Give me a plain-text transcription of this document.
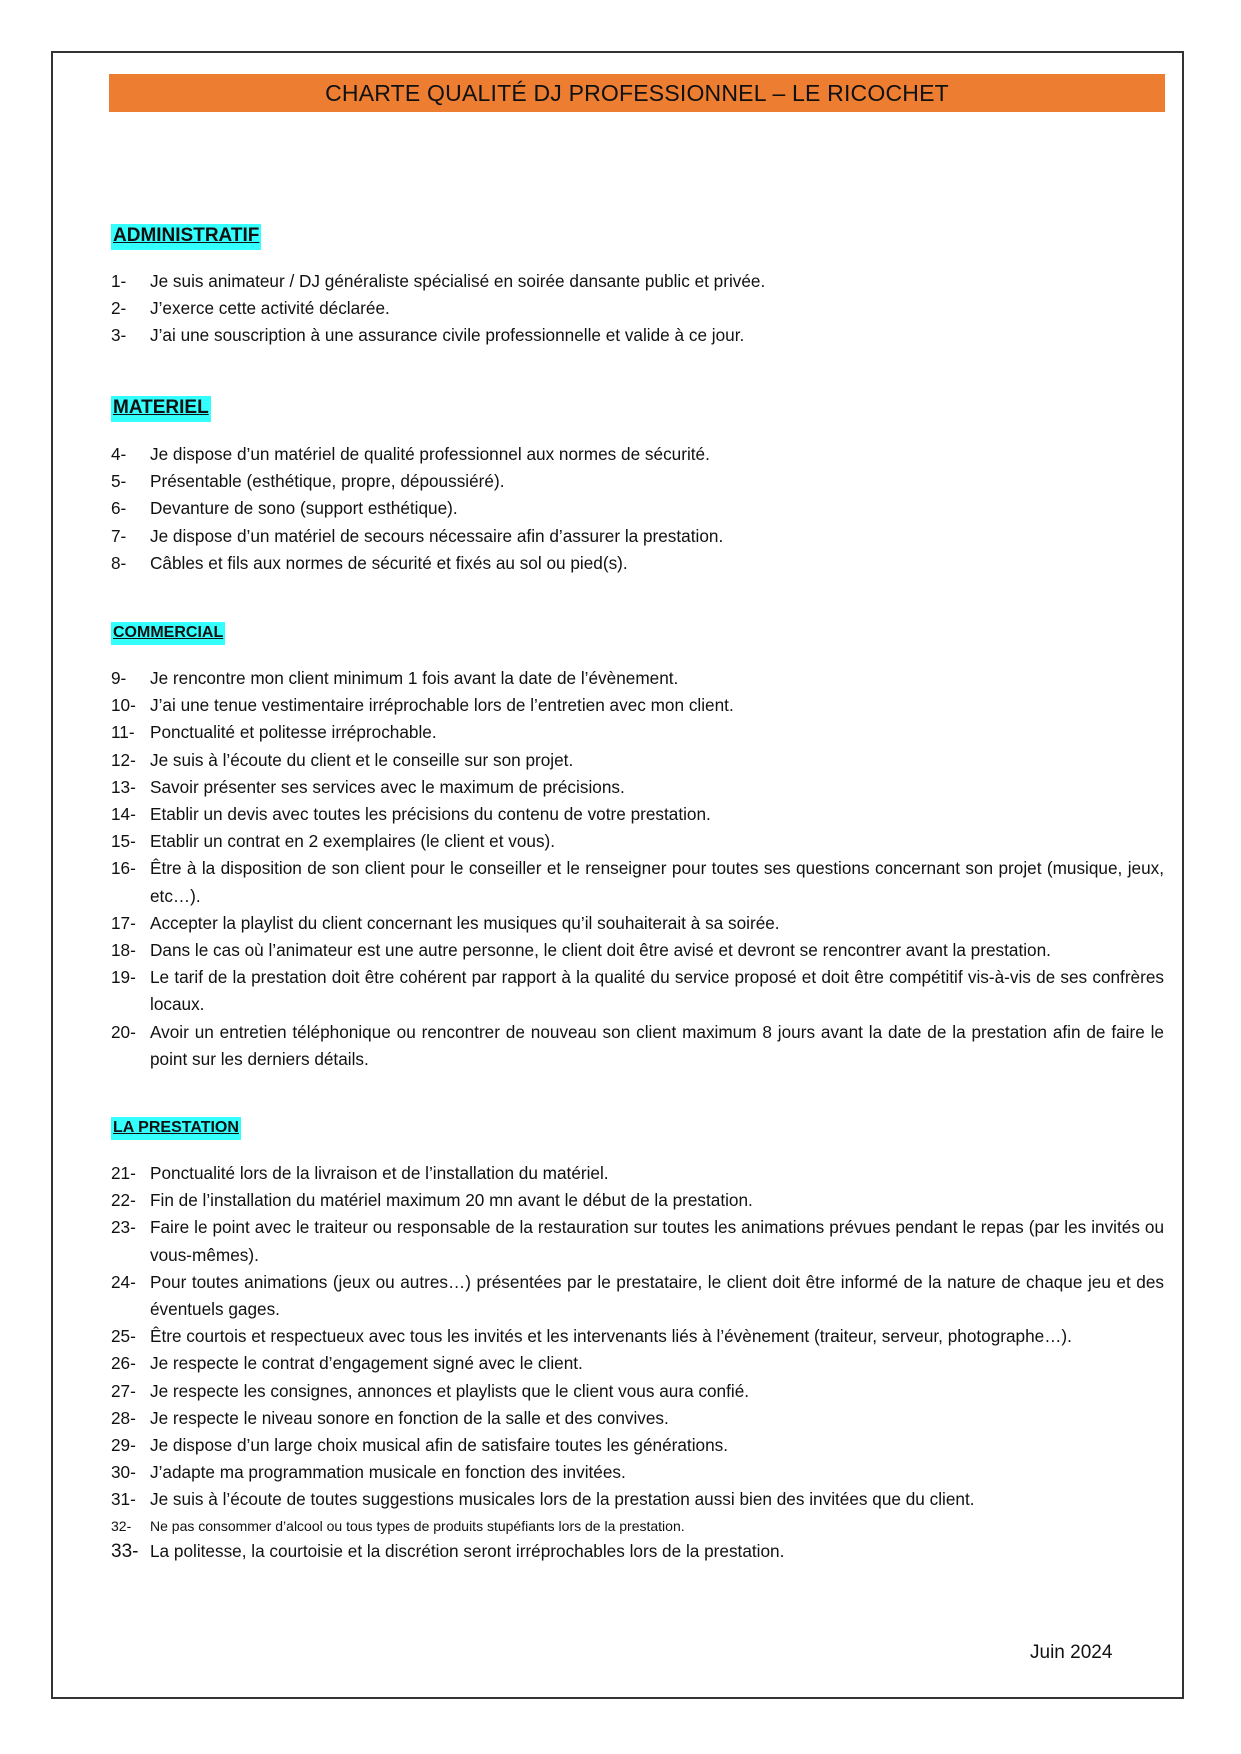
CHARTE QUALITÉ DJ PROFESSIONNEL – LE RICOCHET
ADMINISTRATIF
1- Je suis animateur / DJ généraliste spécialisé en soirée dansante public et privée.
2- J’exerce cette activité déclarée.
3- J’ai une souscription à une assurance civile professionnelle et valide à ce jour.
MATERIEL
4- Je dispose d’un matériel de qualité professionnel aux normes de sécurité.
5- Présentable (esthétique, propre, dépoussiéré).
6- Devanture de sono (support esthétique).
7- Je dispose d’un matériel de secours nécessaire afin d’assurer la prestation.
8- Câbles et fils aux normes de sécurité et fixés au sol ou pied(s).
COMMERCIAL
9- Je rencontre mon client minimum 1 fois avant la date de l’évènement.
10- J’ai une tenue vestimentaire irréprochable lors de l’entretien avec mon client.
11- Ponctualité et politesse irréprochable.
12- Je suis à l’écoute du client et le conseille sur son projet.
13- Savoir présenter ses services avec le maximum de précisions.
14- Etablir un devis avec toutes les précisions du contenu de votre prestation.
15- Etablir un contrat en 2 exemplaires (le client et vous).
16- Être à la disposition de son client pour le conseiller et le renseigner pour toutes ses questions concernant son projet (musique, jeux, etc…).
17- Accepter la playlist du client concernant les musiques qu’il souhaiterait à sa soirée.
18- Dans le cas où l’animateur est une autre personne, le client doit être avisé et devront se rencontrer avant la prestation.
19- Le tarif de la prestation doit être cohérent par rapport à la qualité du service proposé et doit être compétitif vis-à-vis de ses confrères locaux.
20- Avoir un entretien téléphonique ou rencontrer de nouveau son client maximum 8 jours avant la date de la prestation afin de faire le point sur les derniers détails.
LA PRESTATION
21- Ponctualité lors de la livraison et de l’installation du matériel.
22- Fin de l’installation du matériel maximum 20 mn avant le début de la prestation.
23- Faire le point avec le traiteur ou responsable de la restauration sur toutes les animations prévues pendant le repas (par les invités ou vous-mêmes).
24- Pour toutes animations (jeux ou autres…) présentées par le prestataire, le client doit être informé de la nature de chaque jeu et des éventuels gages.
25- Être courtois et respectueux avec tous les invités et les intervenants liés à l’évènement (traiteur, serveur, photographe…).
26- Je respecte le contrat d’engagement signé avec le client.
27- Je respecte les consignes, annonces et playlists que le client vous aura confié.
28- Je respecte le niveau sonore en fonction de la salle et des convives.
29- Je dispose d’un large choix musical afin de satisfaire toutes les générations.
30- J’adapte ma programmation musicale en fonction des invitées.
31- Je suis à l’écoute de toutes suggestions musicales lors de la prestation aussi bien des invitées que du client.
32- Ne pas consommer d’alcool ou tous types de produits stupéfiants lors de la prestation.
33- La politesse, la courtoisie et la discrétion seront irréprochables lors de la prestation.
Juin 2024
